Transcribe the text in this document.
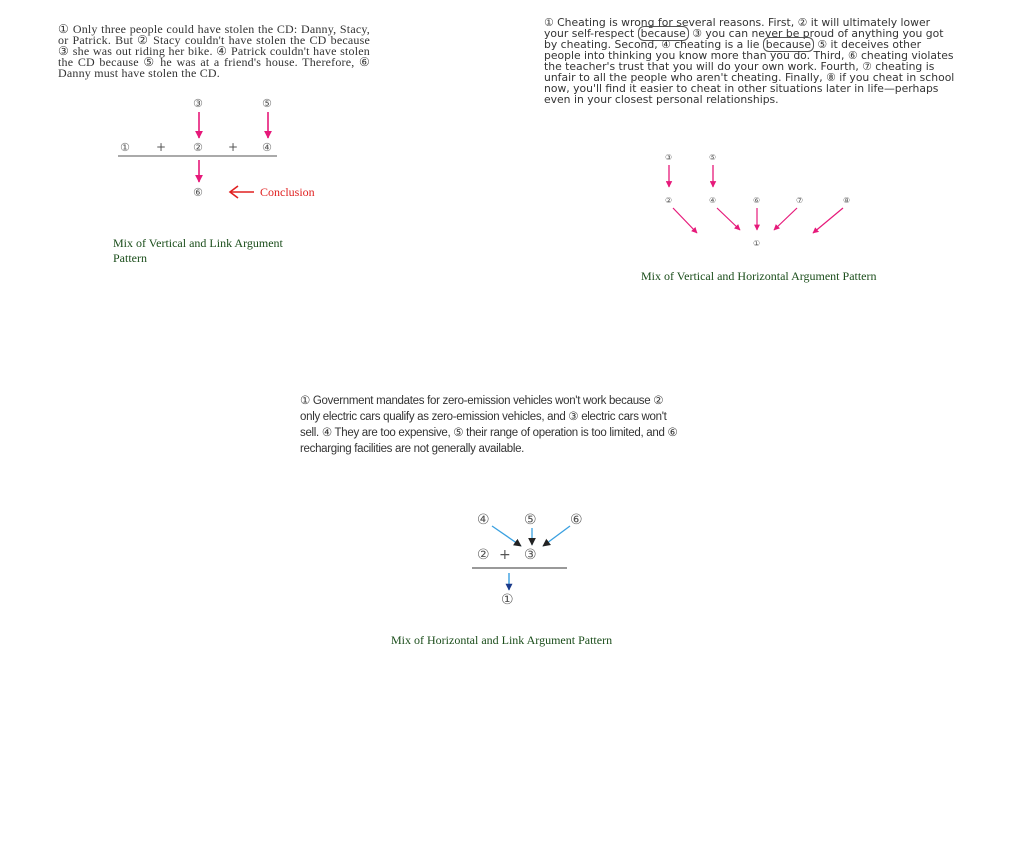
① Only three people could have stolen the CD: Danny, Stacy, or Patrick. But ② Stacy couldn't have stolen the CD because ③ she was out riding her bike. ④ Patrick couldn't have stolen the CD because ⑤ he was at a friend's house. Therefore, ⑥ Danny must have stolen the CD.
① Cheating is wrong for several reasons. First, ② it will ultimately lower your self-respect because ③ you can never be proud of anything you got by cheating. Second, ④ cheating is a lie because ⑤ it deceives other people into thinking you know more than you do. Third, ⑥ cheating violates the teacher's trust that you will do your own work. Fourth, ⑦ cheating is unfair to all the people who aren't cheating. Finally, ⑧ if you cheat in school now, you'll find it easier to cheat in other situations later in life—perhaps even in your closest personal relationships.
① Government mandates for zero-emission vehicles won't work because ② only electric cars qualify as zero-emission vehicles, and ③ electric cars won't sell. ④ They are too expensive, ⑤ their range of operation is too limited, and ⑥ recharging facilities are not generally available.
Mix of Vertical and Link Argument Pattern
Mix of Vertical and Horizontal Argument Pattern
Mix of Horizontal and Link Argument Pattern
③	⑤
① + ② + ④
⑥	Conclusion
③	⑤
②	④	⑥	⑦	⑧
①
④ ⑤ ⑥
② + ③
①
